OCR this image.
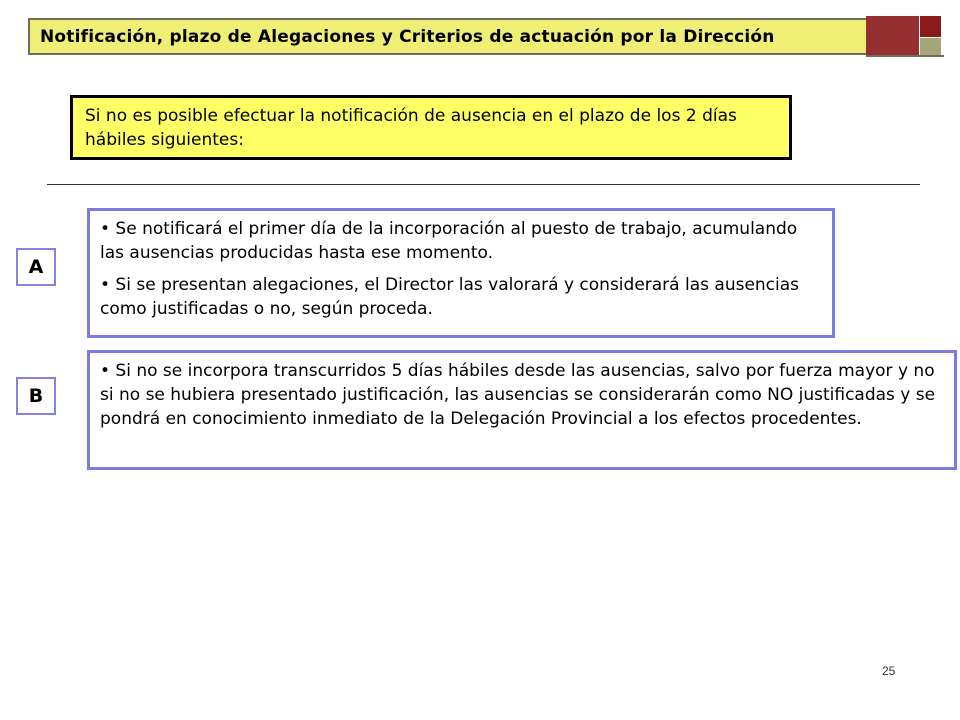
Notificación, plazo de Alegaciones y Criterios de actuación por la Dirección
Si no es posible efectuar la notificación de ausencia en el plazo de los 2 días hábiles siguientes:
A

• Se notificará el primer día de la incorporación al puesto de trabajo, acumulando las ausencias producidas hasta ese momento.

• Si se presentan alegaciones, el Director las valorará y considerará las ausencias como justificadas o no, según proceda.

B

• Si no se incorpora transcurridos 5 días hábiles desde las ausencias, salvo por fuerza mayor y no si no se hubiera presentado justificación, las ausencias se considerarán como NO justificadas y se pondrá en conocimiento inmediato de la Delegación Provincial a los efectos procedentes.

25
